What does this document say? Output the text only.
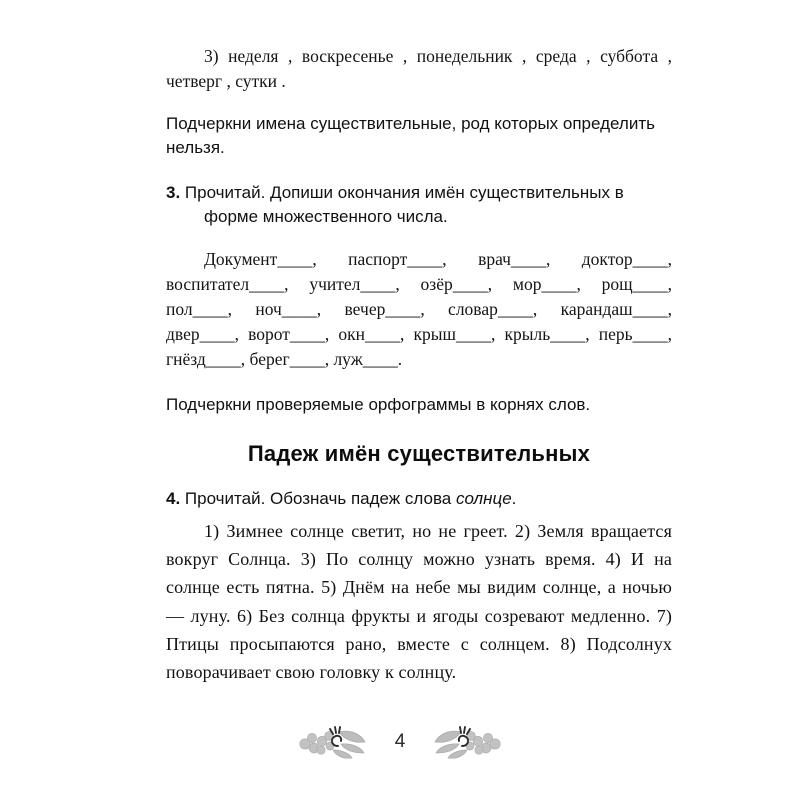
3) неделя , воскресенье , понедельник , среда , суббота , четверг , сутки .
Подчеркни имена существительные, род которых определить нельзя.
3. Прочитай. Допиши окончания имён существительных в форме множественного числа.
Документ____, паспорт____, врач____, доктор____, воспитател____, учител____, озёр____, мор____, рощ____, пол____, ноч____, вечер____, словар____, карандаш____, двер____, ворот____, окн____, крыш____, крыль____, перь____, гнёзд____, берег____, луж____.
Подчеркни проверяемые орфограммы в корнях слов.
Падеж имён существительных
4. Прочитай. Обозначь падеж слова солнце.
1) Зимнее солнце светит, но не греет. 2) Земля вращается вокруг Солнца. 3) По солнцу можно узнать время. 4) И на солнце есть пятна. 5) Днём на небе мы видим солнце, а ночью — луну. 6) Без солнца фрукты и ягоды созревают медленно. 7) Птицы просыпаются рано, вместе с солнцем. 8) Подсолнух поворачивает свою головку к солнцу.
4
